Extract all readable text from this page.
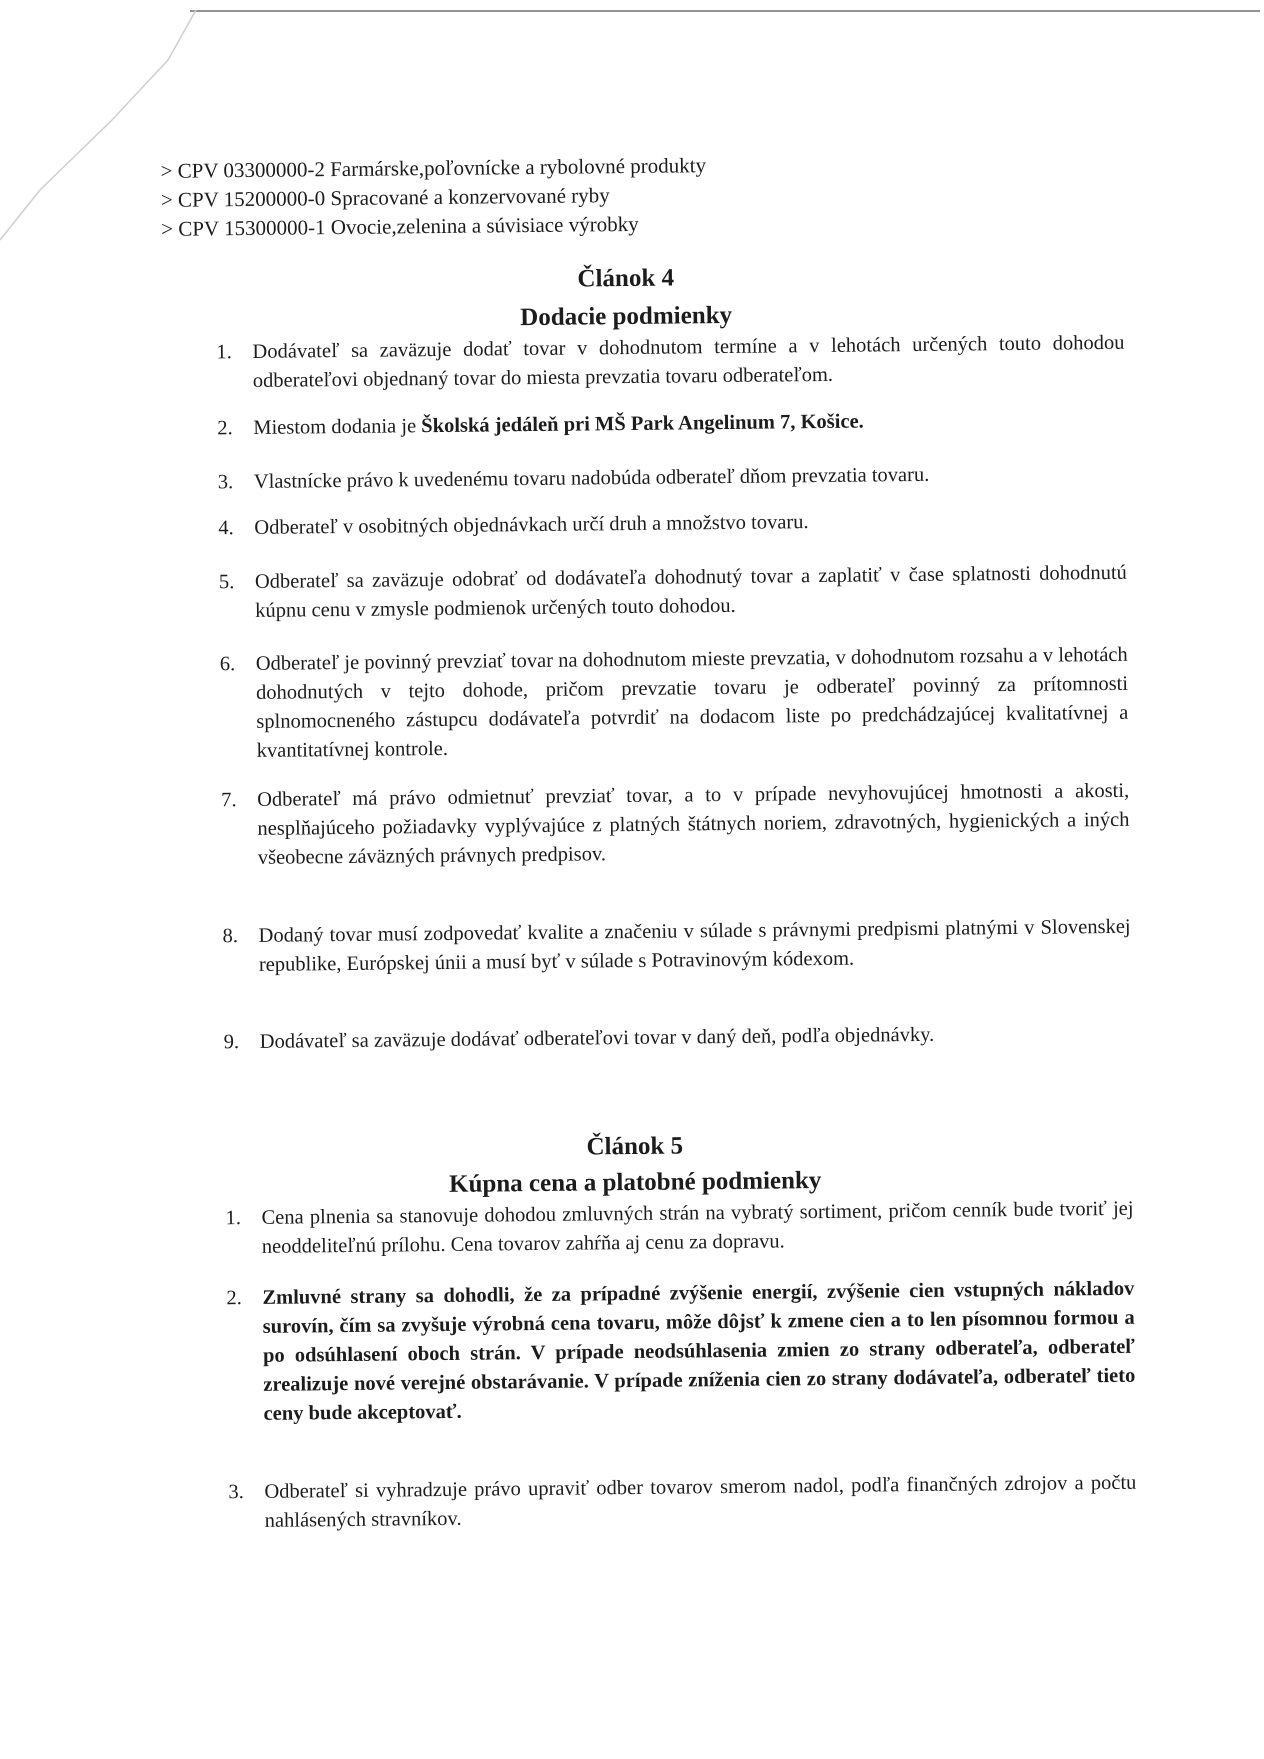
> CPV 03300000-2 Farmárske,poľovnícke a rybolovné produkty
> CPV 15200000-0 Spracované a konzervované ryby
> CPV 15300000-1 Ovocie,zelenina a súvisiace výrobky
Článok 4
Dodacie podmienky
1. Dodávateľ sa zaväzuje dodať tovar v dohodnutom termíne a v lehotách určených touto dohodou odberateľovi objednaný tovar do miesta prevzatia tovaru odberateľom.
2. Miestom dodania je Školská jedáleň pri MŠ Park Angelinum 7, Košice.
3. Vlastnícke právo k uvedenému tovaru nadobúda odberateľ dňom prevzatia tovaru.
4. Odberateľ v osobitných objednávkach určí druh a množstvo tovaru.
5. Odberateľ sa zaväzuje odobrať od dodávateľa dohodnutý tovar a zaplatiť v čase splatnosti dohodnutú kúpnu cenu v zmysle podmienok určených touto dohodou.
6. Odberateľ je povinný prevziať tovar na dohodnutom mieste prevzatia, v dohodnutom rozsahu a v lehotách dohodnutých v tejto dohode, pričom prevzatie tovaru je odberateľ povinný za prítomnosti splnomocneného zástupcu dodávateľa potvrdiť na dodacom liste po predchádzajúcej kvalitatívnej a kvantitatívnej kontrole.
7. Odberateľ má právo odmietnuť prevziať tovar, a to v prípade nevyhovujúcej hmotnosti a akosti, nesplňajúceho požiadavky vyplývajúce z platných štátnych noriem, zdravotných, hygienických a iných všeobecne záväzných právnych predpisov.
8. Dodaný tovar musí zodpovedať kvalite a značeniu v súlade s právnymi predpismi platnými v Slovenskej republike, Európskej únii a musí byť v súlade s Potravinovým kódexom.
9. Dodávateľ sa zaväzuje dodávať odberateľovi tovar v daný deň, podľa objednávky.
Článok 5
Kúpna cena a platobné podmienky
1. Cena plnenia sa stanovuje dohodou zmluvných strán na vybratý sortiment, pričom cenník bude tvoriť jej neoddeliteľnú prílohu. Cena tovarov zahŕňa aj cenu za dopravu.
2. Zmluvné strany sa dohodli, že za prípadné zvýšenie energií, zvýšenie cien vstupných nákladov surovín, čím sa zvyšuje výrobná cena tovaru, môže dôjsť k zmene cien a to len písomnou formou a po odsúhlasení oboch strán. V prípade neodsúhlasenia zmien zo strany odberateľa, odberateľ zrealizuje nové verejné obstarávanie. V prípade zníženia cien zo strany dodávateľa, odberateľ tieto ceny bude akceptovať.
3. Odberateľ si vyhradzuje právo upraviť odber tovarov smerom nadol, podľa finančných zdrojov a počtu nahlásených stravníkov.
